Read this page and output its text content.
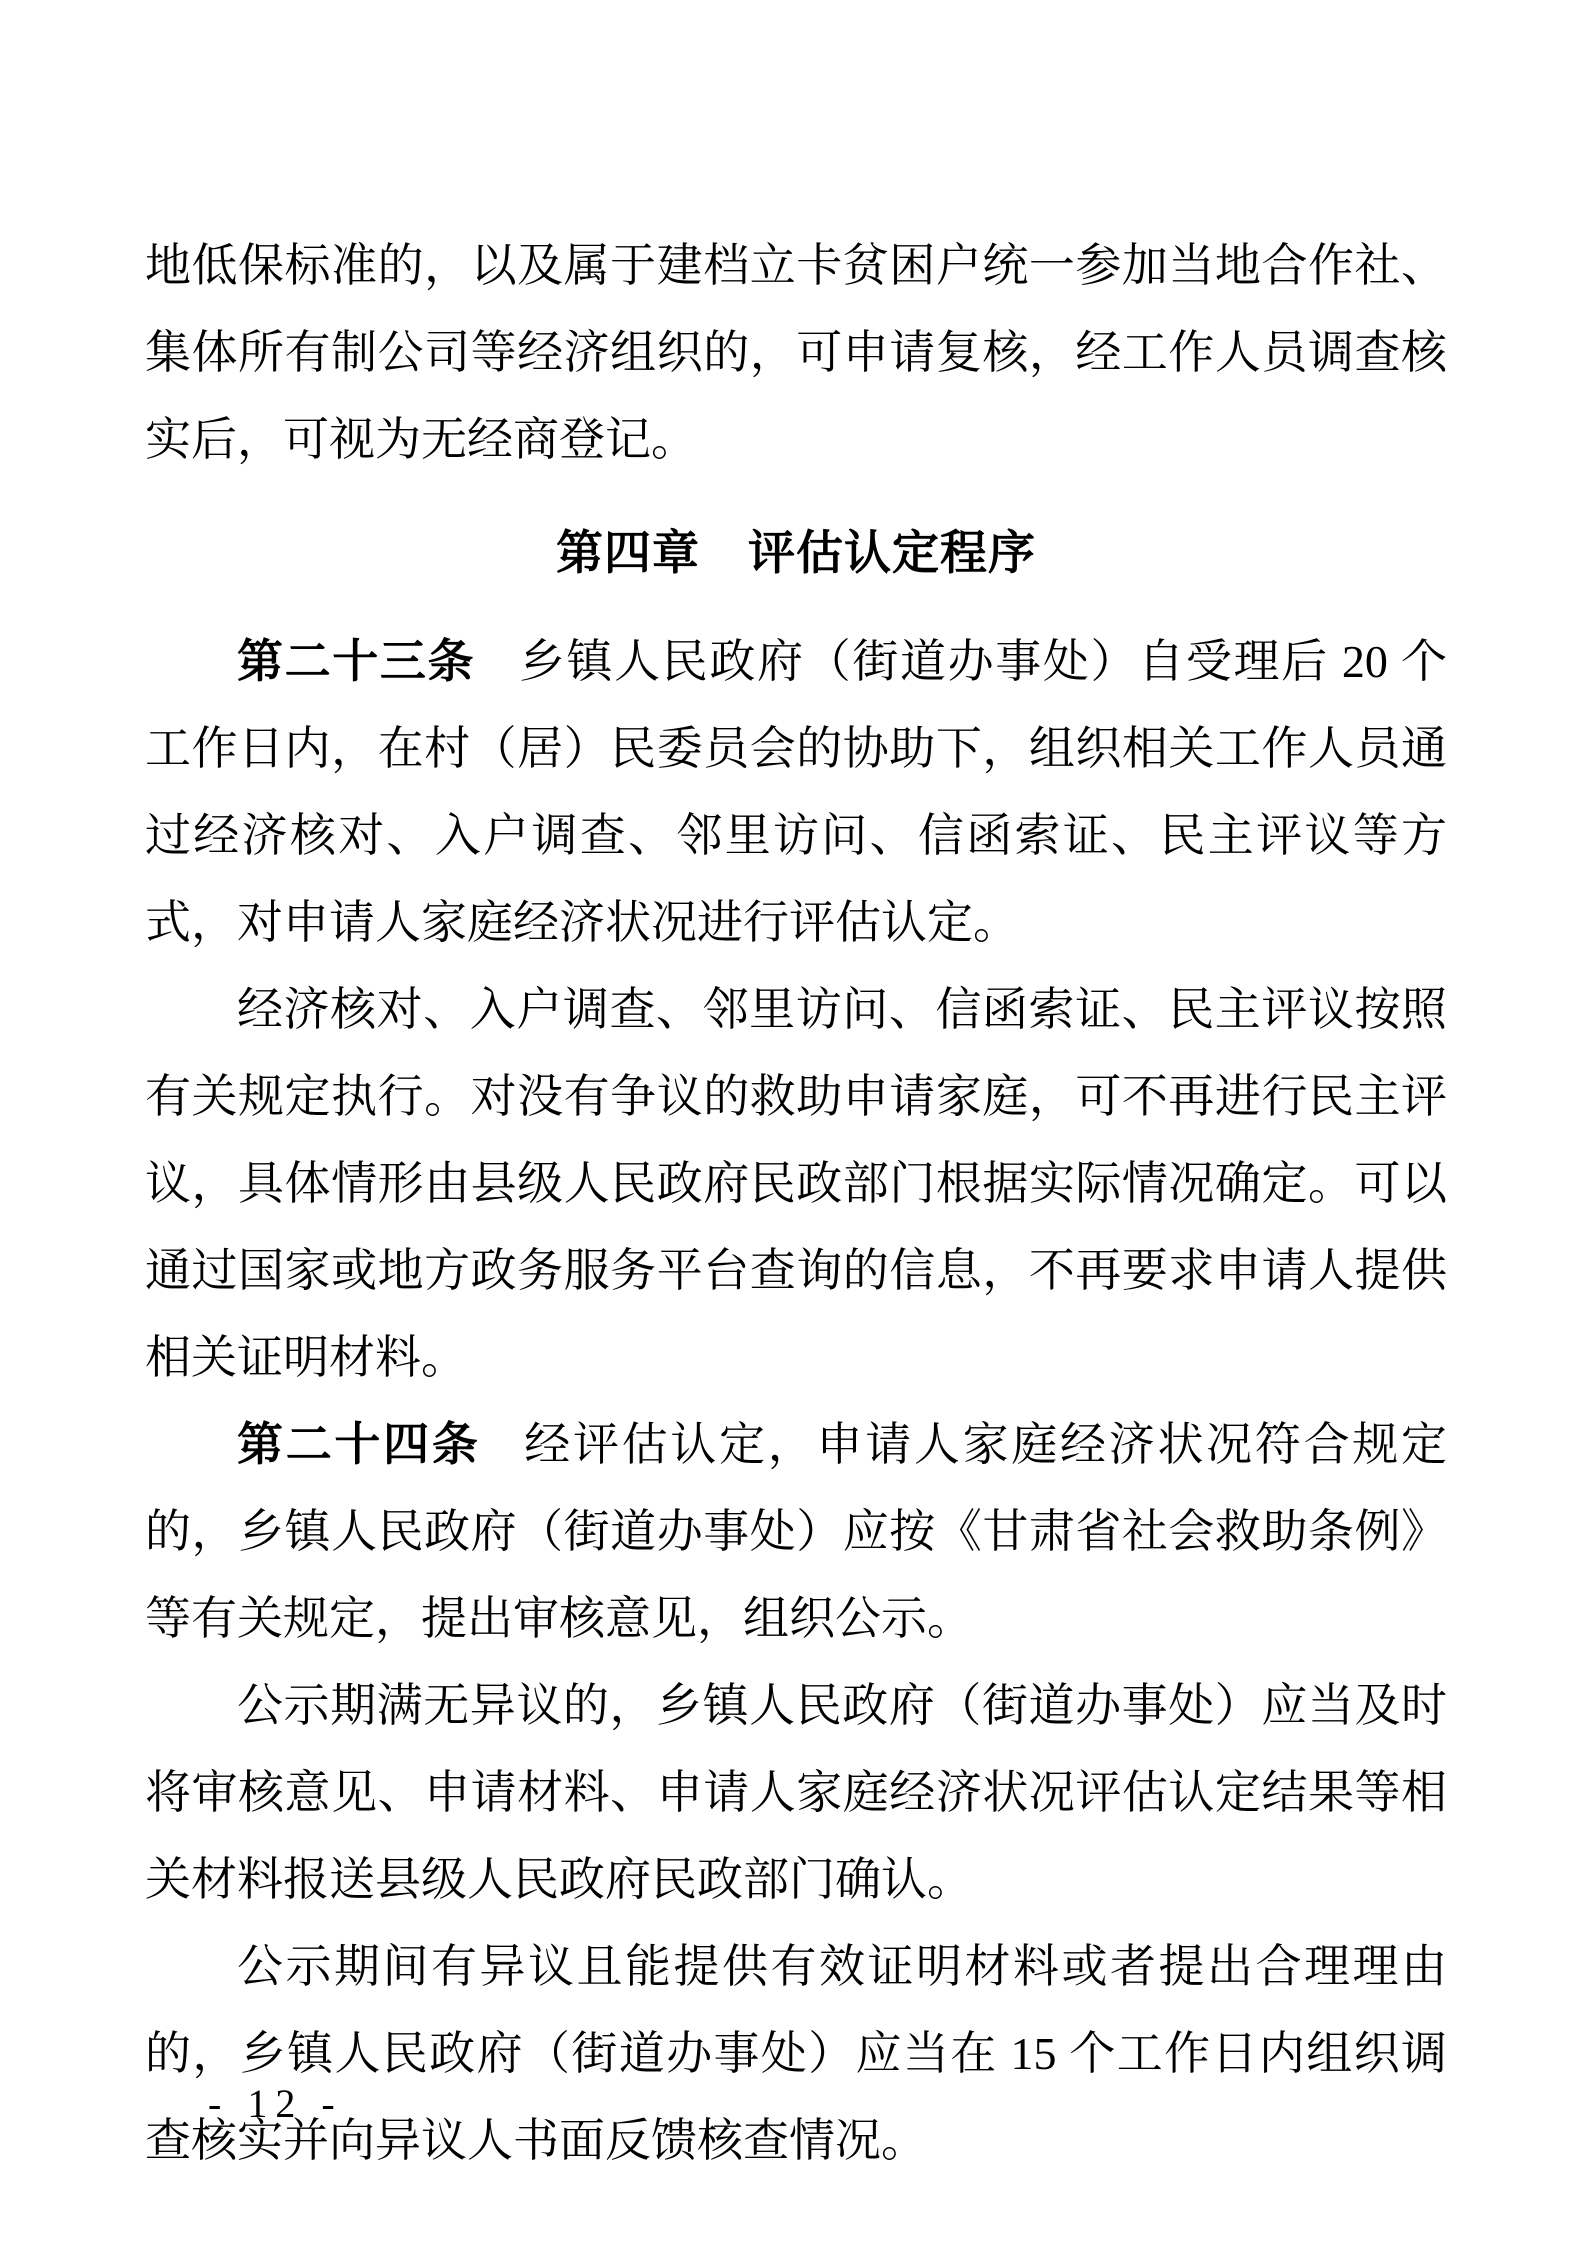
地低保标准的，以及属于建档立卡贫困户统一参加当地合作社、集体所有制公司等经济组织的，可申请复核，经工作人员调查核实后，可视为无经商登记。

第四章　评估认定程序

第二十三条 乡镇人民政府（街道办事处）自受理后 20 个工作日内，在村（居）民委员会的协助下，组织相关工作人员通过经济核对、入户调查、邻里访问、信函索证、民主评议等方式，对申请人家庭经济状况进行评估认定。

经济核对、入户调查、邻里访问、信函索证、民主评议按照有关规定执行。对没有争议的救助申请家庭，可不再进行民主评议，具体情形由县级人民政府民政部门根据实际情况确定。可以通过国家或地方政务服务平台查询的信息，不再要求申请人提供相关证明材料。

第二十四条 经评估认定，申请人家庭经济状况符合规定的，乡镇人民政府（街道办事处）应按《甘肃省社会救助条例》等有关规定，提出审核意见，组织公示。

公示期满无异议的，乡镇人民政府（街道办事处）应当及时将审核意见、申请材料、申请人家庭经济状况评估认定结果等相关材料报送县级人民政府民政部门确认。

公示期间有异议且能提供有效证明材料或者提出合理理由的，乡镇人民政府（街道办事处）应当在 15 个工作日内组织调查核实并向异议人书面反馈核查情况。

- 12 -
